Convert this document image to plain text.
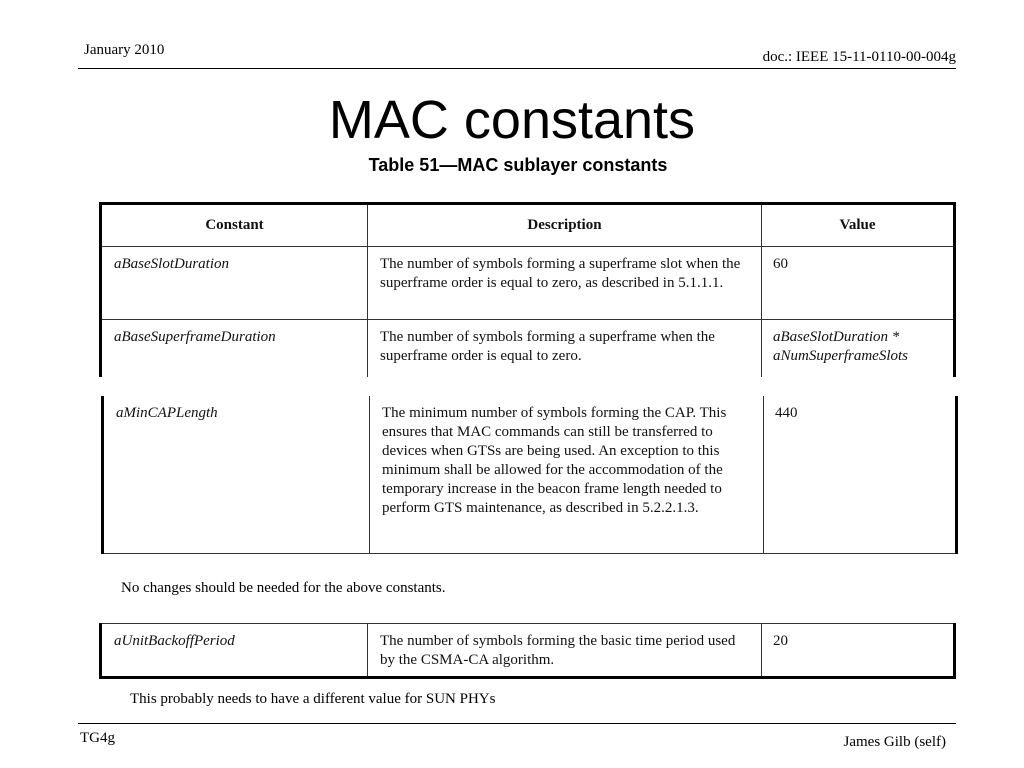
January 2010	doc.: IEEE 15-11-0110-00-004g
MAC constants
Table 51—MAC sublayer constants
Constant	Description	Value
aBaseSlotDuration	The number of symbols forming a superframe slot when the superframe order is equal to zero, as described in 5.1.1.1.	60
aBaseSuperframeDuration	The number of symbols forming a superframe when the superframe order is equal to zero.	aBaseSlotDuration * aNumSuperframeSlots
aMinCAPLength	The minimum number of symbols forming the CAP. This ensures that MAC commands can still be transferred to devices when GTSs are being used. An exception to this minimum shall be allowed for the accommodation of the temporary increase in the beacon frame length needed to perform GTS maintenance, as described in 5.2.2.1.3.	440
No changes should be needed for the above constants.
aUnitBackoffPeriod	The number of symbols forming the basic time period used by the CSMA-CA algorithm.	20
This probably needs to have a different value for SUN PHYs
TG4g	James Gilb (self)
